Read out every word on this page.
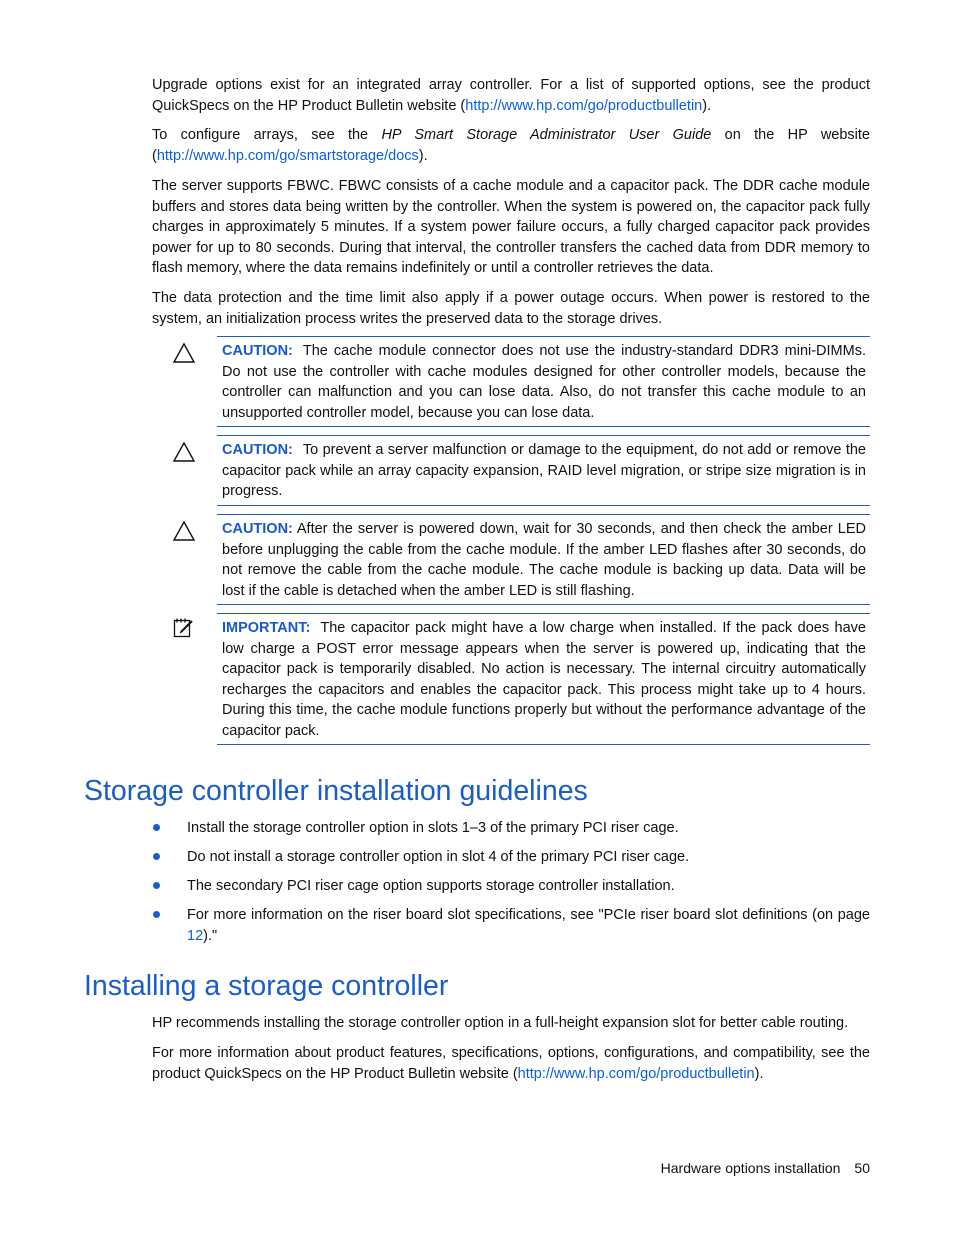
Upgrade options exist for an integrated array controller. For a list of supported options, see the product QuickSpecs on the HP Product Bulletin website (http://www.hp.com/go/productbulletin).

To configure arrays, see the HP Smart Storage Administrator User Guide on the HP website (http://www.hp.com/go/smartstorage/docs).

The server supports FBWC. FBWC consists of a cache module and a capacitor pack. The DDR cache module buffers and stores data being written by the controller. When the system is powered on, the capacitor pack fully charges in approximately 5 minutes. If a system power failure occurs, a fully charged capacitor pack provides power for up to 80 seconds. During that interval, the controller transfers the cached data from DDR memory to flash memory, where the data remains indefinitely or until a controller retrieves the data.

The data protection and the time limit also apply if a power outage occurs. When power is restored to the system, an initialization process writes the preserved data to the storage drives.

CAUTION: The cache module connector does not use the industry-standard DDR3 mini-DIMMs. Do not use the controller with cache modules designed for other controller models, because the controller can malfunction and you can lose data. Also, do not transfer this cache module to an unsupported controller model, because you can lose data.

CAUTION: To prevent a server malfunction or damage to the equipment, do not add or remove the capacitor pack while an array capacity expansion, RAID level migration, or stripe size migration is in progress.

CAUTION: After the server is powered down, wait for 30 seconds, and then check the amber LED before unplugging the cable from the cache module. If the amber LED flashes after 30 seconds, do not remove the cable from the cache module. The cache module is backing up data. Data will be lost if the cable is detached when the amber LED is still flashing.

IMPORTANT: The capacitor pack might have a low charge when installed. If the pack does have low charge a POST error message appears when the server is powered up, indicating that the capacitor pack is temporarily disabled. No action is necessary. The internal circuitry automatically recharges the capacitors and enables the capacitor pack. This process might take up to 4 hours. During this time, the cache module functions properly but without the performance advantage of the capacitor pack.

Storage controller installation guidelines
Install the storage controller option in slots 1–3 of the primary PCI riser cage.
Do not install a storage controller option in slot 4 of the primary PCI riser cage.
The secondary PCI riser cage option supports storage controller installation.
For more information on the riser board slot specifications, see "PCIe riser board slot definitions (on page 12)."
Installing a storage controller

HP recommends installing the storage controller option in a full-height expansion slot for better cable routing.

For more information about product features, specifications, options, configurations, and compatibility, see the product QuickSpecs on the HP Product Bulletin website (http://www.hp.com/go/productbulletin).

Hardware options installation 50
